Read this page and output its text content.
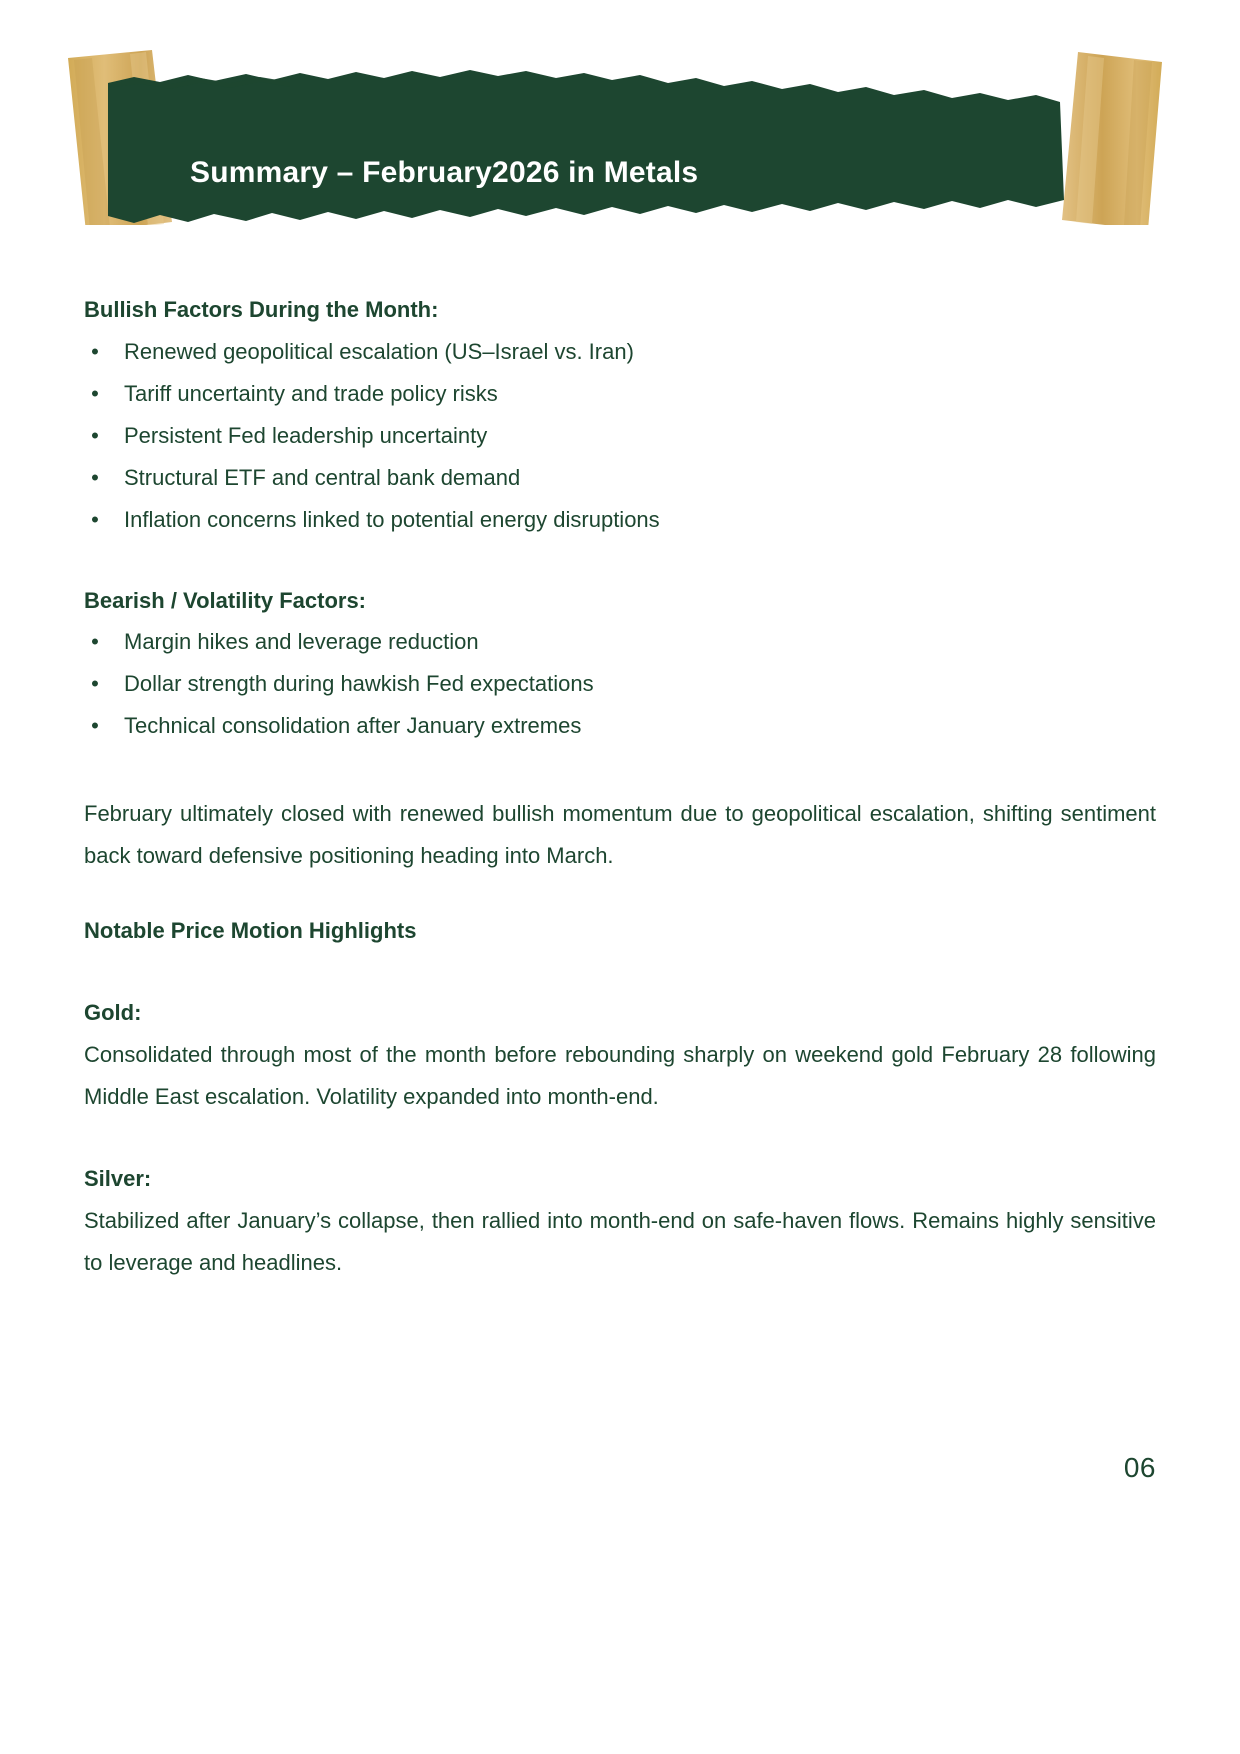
Summary – February2026 in Metals
Bullish Factors During the Month:
•	Renewed geopolitical escalation (US–Israel vs. Iran)
•	Tariff uncertainty and trade policy risks
•	Persistent Fed leadership uncertainty
•	Structural ETF and central bank demand
•	Inflation concerns linked to potential energy disruptions
Bearish / Volatility Factors:
•	Margin hikes and leverage reduction
•	Dollar strength during hawkish Fed expectations
•	Technical consolidation after January extremes

February ultimately closed with renewed bullish momentum due to geopolitical escalation, shifting sentiment back toward defensive positioning heading into March.

Notable Price Motion Highlights
Gold:

Consolidated through most of the month before rebounding sharply on weekend gold February 28 following Middle East escalation. Volatility expanded into month-end.

Silver:

Stabilized after January’s collapse, then rallied into month-end on safe-haven flows. Remains highly sensitive to leverage and headlines.

06
